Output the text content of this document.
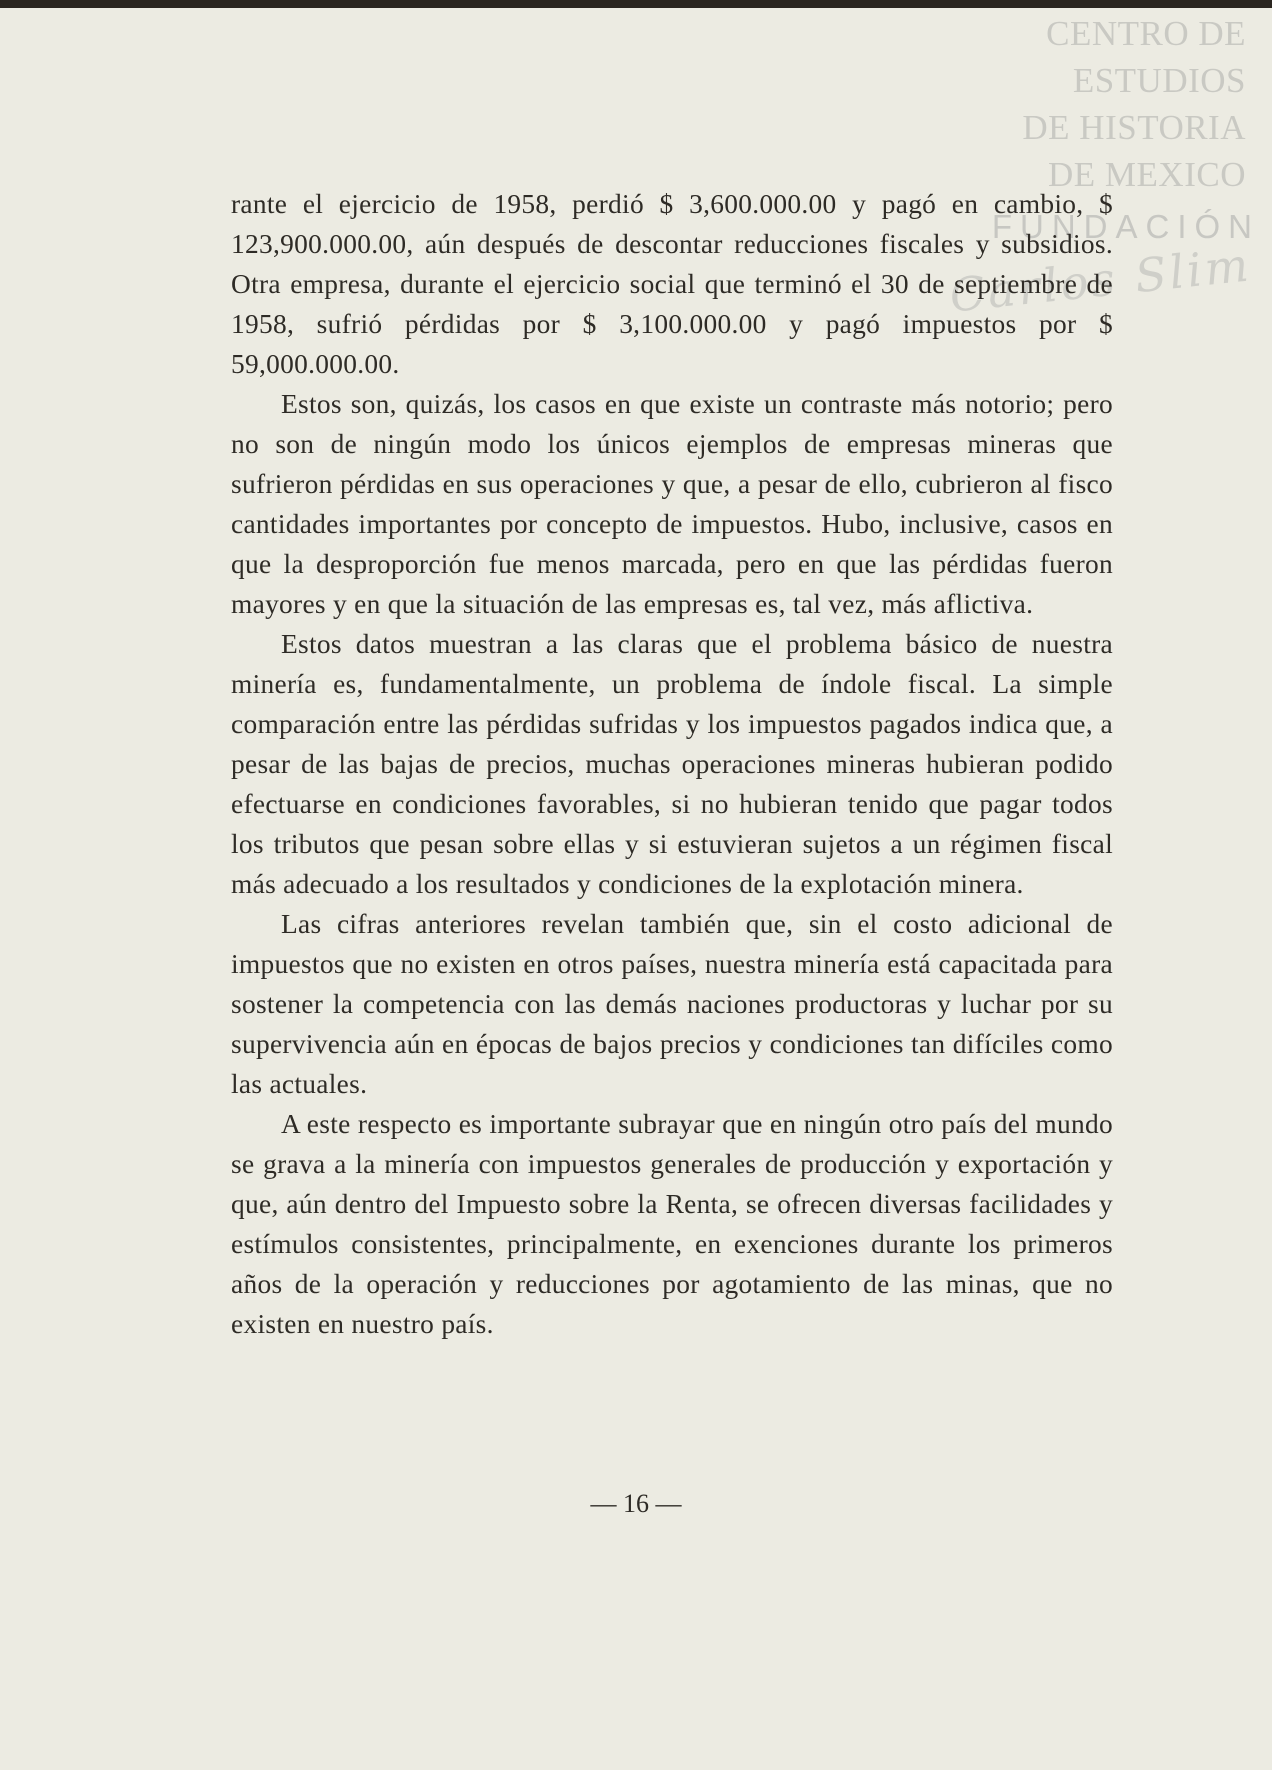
CENTRO DE
ESTUDIOS
DE HISTORIA
DE MEXICO
FUNDACIÓN
Carlos Slim

rante el ejercicio de 1958, perdió $ 3,600.000.00 y pagó en cambio, $ 123,900.000.00, aún después de descontar reducciones fiscales y subsidios. Otra empresa, durante el ejercicio social que terminó el 30 de septiembre de 1958, sufrió pérdidas por $ 3,100.000.00 y pagó impuestos por $ 59,000.000.00.

Estos son, quizás, los casos en que existe un contraste más notorio; pero no son de ningún modo los únicos ejemplos de empresas mineras que sufrieron pérdidas en sus operaciones y que, a pesar de ello, cubrieron al fisco cantidades importantes por concepto de impuestos. Hubo, inclusive, casos en que la desproporción fue menos marcada, pero en que las pérdidas fueron mayores y en que la situación de las empresas es, tal vez, más aflictiva.

Estos datos muestran a las claras que el problema básico de nuestra minería es, fundamentalmente, un problema de índole fiscal. La simple comparación entre las pérdidas sufridas y los impuestos pagados indica que, a pesar de las bajas de precios, muchas operaciones mineras hubieran podido efectuarse en condiciones favorables, si no hubieran tenido que pagar todos los tributos que pesan sobre ellas y si estuvieran sujetos a un régimen fiscal más adecuado a los resultados y condiciones de la explotación minera.

Las cifras anteriores revelan también que, sin el costo adicional de impuestos que no existen en otros países, nuestra minería está capacitada para sostener la competencia con las demás naciones productoras y luchar por su supervivencia aún en épocas de bajos precios y condiciones tan difíciles como las actuales.

A este respecto es importante subrayar que en ningún otro país del mundo se grava a la minería con impuestos generales de producción y exportación y que, aún dentro del Impuesto sobre la Renta, se ofrecen diversas facilidades y estímulos consistentes, principalmente, en exenciones durante los primeros años de la operación y reducciones por agotamiento de las minas, que no existen en nuestro país.

— 16 —
